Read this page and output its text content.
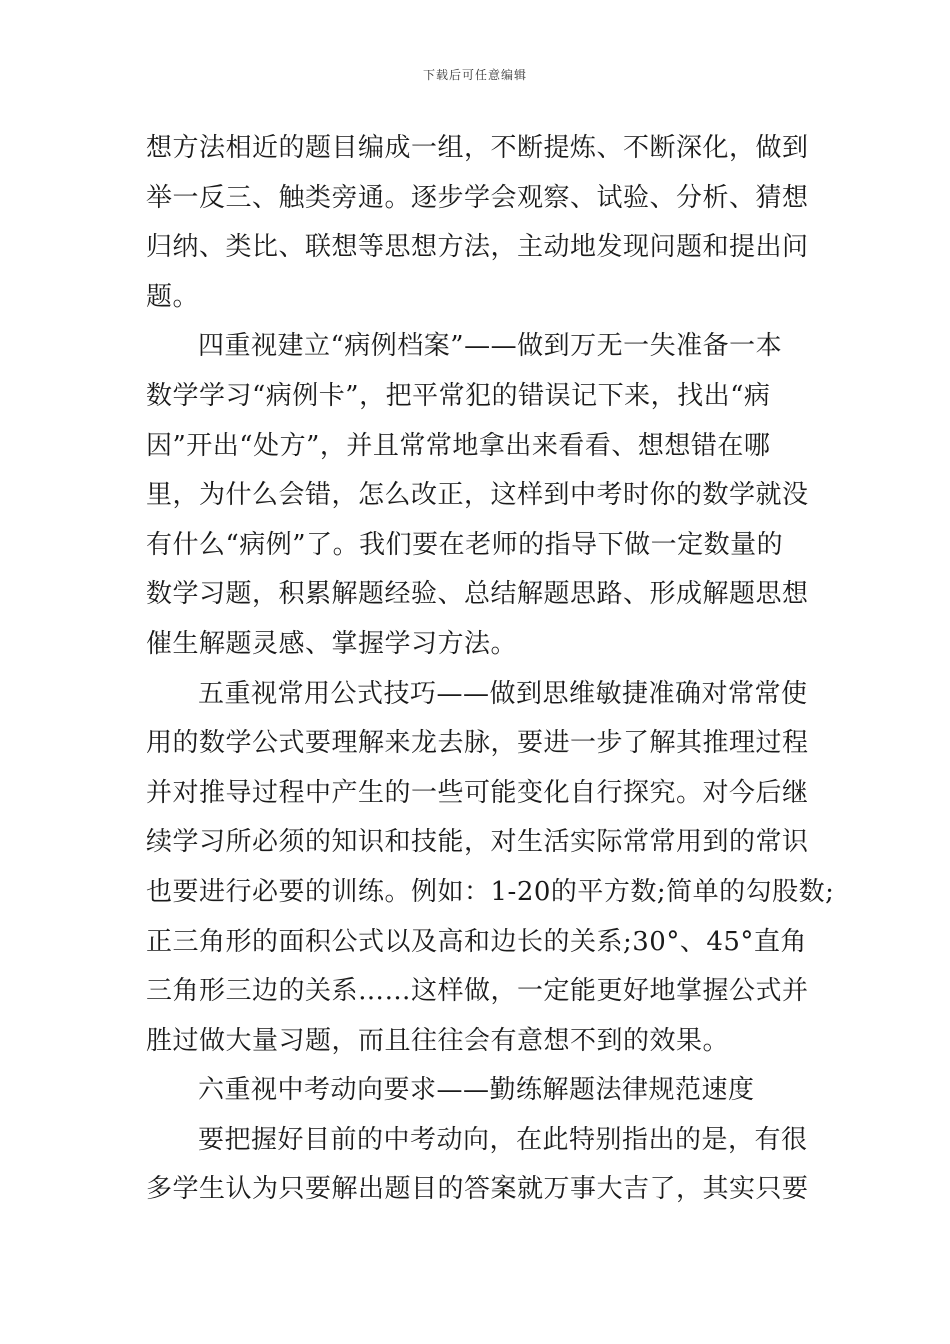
下载后可任意编辑
想方法相近的题目编成一组，不断提炼、不断深化，做到
举一反三、触类旁通。逐步学会观察、试验、分析、猜想
归纳、类比、联想等思想方法，主动地发现问题和提出问
题。
四重视建立“病例档案”——做到万无一失准备一本
数学学习“病例卡”，把平常犯的错误记下来，找出“病
因”开出“处方”，并且常常地拿出来看看、想想错在哪
里，为什么会错，怎么改正，这样到中考时你的数学就没
有什么“病例”了。我们要在老师的指导下做一定数量的
数学习题，积累解题经验、总结解题思路、形成解题思想
催生解题灵感、掌握学习方法。
五重视常用公式技巧——做到思维敏捷准确对常常使
用的数学公式要理解来龙去脉，要进一步了解其推理过程
并对推导过程中产生的一些可能变化自行探究。对今后继
续学习所必须的知识和技能，对生活实际常常用到的常识
也要进行必要的训练。例如：1-20的平方数;简单的勾股数;
正三角形的面积公式以及高和边长的关系;30°、45°直角
三角形三边的关系……这样做，一定能更好地掌握公式并
胜过做大量习题，而且往往会有意想不到的效果。
六重视中考动向要求——勤练解题法律规范速度
要把握好目前的中考动向，在此特别指出的是，有很
多学生认为只要解出题目的答案就万事大吉了，其实只要
